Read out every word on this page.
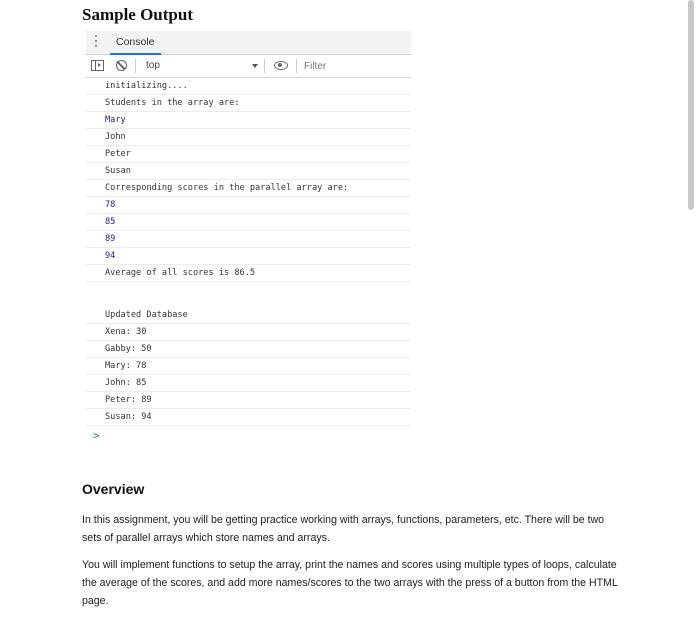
Sample Output
Console
top
Filter
initializing....
Students in the array are:
Mary
John
Peter
Susan
Corresponding scores in the parallel array are:
78
85
89
94
Average of all scores is 86.5
Updated Database
Xena: 30
Gabby: 50
Mary: 78
John: 85
Peter: 89
Susan: 94
>
Overview
In this assignment, you will be getting practice working with arrays, functions, parameters, etc. There will be two sets of parallel arrays which store names and arrays.
You will implement functions to setup the array, print the names and scores using multiple types of loops, calculate the average of the scores, and add more names/scores to the two arrays with the press of a button from the HTML page.
